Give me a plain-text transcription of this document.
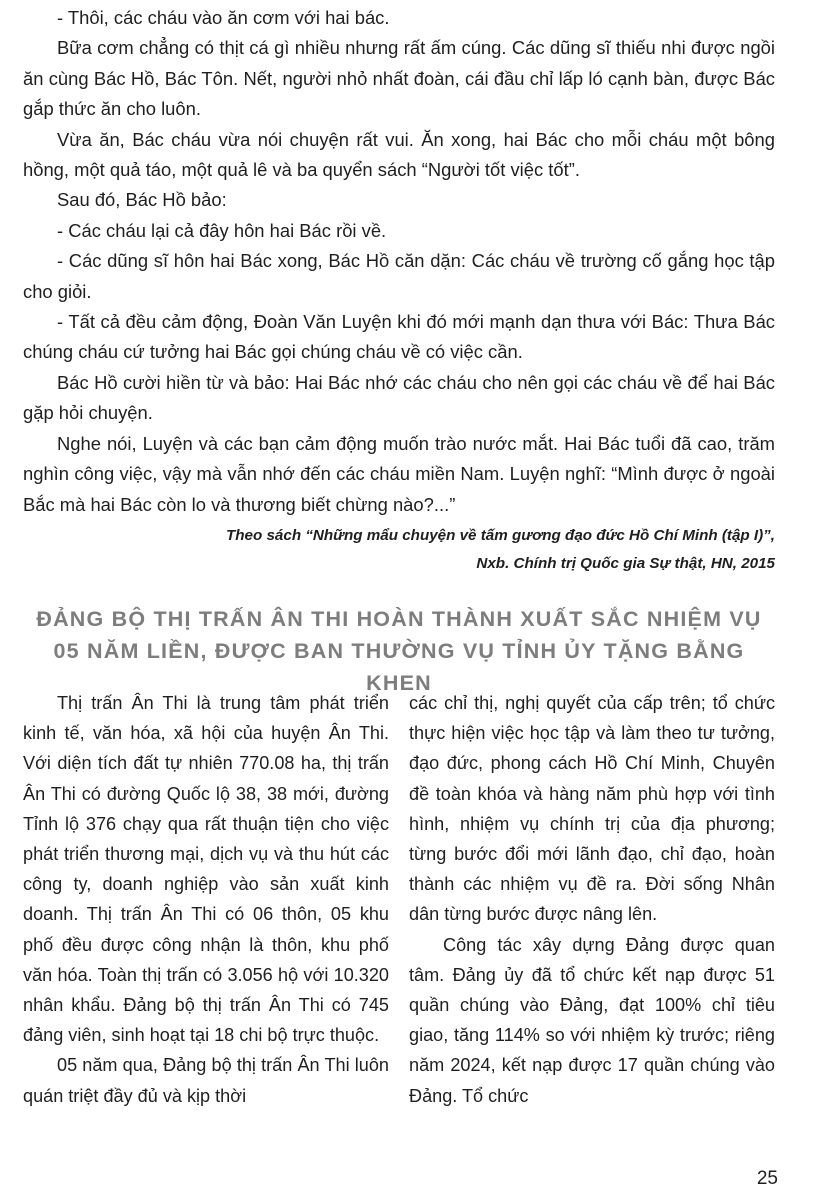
- Thôi, các cháu vào ăn cơm với hai bác.

Bữa cơm chẳng có thịt cá gì nhiều nhưng rất ấm cúng. Các dũng sĩ thiếu nhi được ngồi ăn cùng Bác Hồ, Bác Tôn. Nết, người nhỏ nhất đoàn, cái đầu chỉ lấp ló cạnh bàn, được Bác gắp thức ăn cho luôn.

Vừa ăn, Bác cháu vừa nói chuyện rất vui. Ăn xong, hai Bác cho mỗi cháu một bông hồng, một quả táo, một quả lê và ba quyển sách “Người tốt việc tốt”.

Sau đó, Bác Hồ bảo:

- Các cháu lại cả đây hôn hai Bác rồi về.

- Các dũng sĩ hôn hai Bác xong, Bác Hồ căn dặn: Các cháu về trường cố gắng học tập cho giỏi.

- Tất cả đều cảm động, Đoàn Văn Luyện khi đó mới mạnh dạn thưa với Bác: Thưa Bác chúng cháu cứ tưởng hai Bác gọi chúng cháu về có việc cần.

Bác Hồ cười hiền từ và bảo: Hai Bác nhớ các cháu cho nên gọi các cháu về để hai Bác gặp hỏi chuyện.

Nghe nói, Luyện và các bạn cảm động muốn trào nước mắt. Hai Bác tuổi đã cao, trăm nghìn công việc, vậy mà vẫn nhớ đến các cháu miền Nam. Luyện nghĩ: “Mình được ở ngoài Bắc mà hai Bác còn lo và thương biết chừng nào?...”

Theo sách “Những mẩu chuyện về tấm gương đạo đức Hồ Chí Minh (tập I)”,

Nxb. Chính trị Quốc gia Sự thật, HN, 2015

ĐẢNG BỘ THỊ TRẤN ÂN THI HOÀN THÀNH XUẤT SẮC NHIỆM VỤ

05 NĂM LIỀN, ĐƯỢC BAN THƯỜNG VỤ TỈNH ỦY TẶNG BẰNG KHEN

Thị trấn Ân Thi là trung tâm phát triển kinh tế, văn hóa, xã hội của huyện Ân Thi. Với diện tích đất tự nhiên 770.08 ha, thị trấn Ân Thi có đường Quốc lộ 38, 38 mới, đường Tỉnh lộ 376 chạy qua rất thuận tiện cho việc phát triển thương mại, dịch vụ và thu hút các công ty, doanh nghiệp vào sản xuất kinh doanh. Thị trấn Ân Thi có 06 thôn, 05 khu phố đều được công nhận là thôn, khu phố văn hóa. Toàn thị trấn có 3.056 hộ với 10.320 nhân khẩu. Đảng bộ thị trấn Ân Thi có 745 đảng viên, sinh hoạt tại 18 chi bộ trực thuộc.

05 năm qua, Đảng bộ thị trấn Ân Thi luôn quán triệt đầy đủ và kịp thời

các chỉ thị, nghị quyết của cấp trên; tổ chức thực hiện việc học tập và làm theo tư tưởng, đạo đức, phong cách Hồ Chí Minh, Chuyên đề toàn khóa và hàng năm phù hợp với tình hình, nhiệm vụ chính trị của địa phương; từng bước đổi mới lãnh đạo, chỉ đạo, hoàn thành các nhiệm vụ đề ra. Đời sống Nhân dân từng bước được nâng lên.

Công tác xây dựng Đảng được quan tâm. Đảng ủy đã tổ chức kết nạp được 51 quần chúng vào Đảng, đạt 100% chỉ tiêu giao, tăng 114% so với nhiệm kỳ trước; riêng năm 2024, kết nạp được 17 quần chúng vào Đảng. Tổ chức

25
